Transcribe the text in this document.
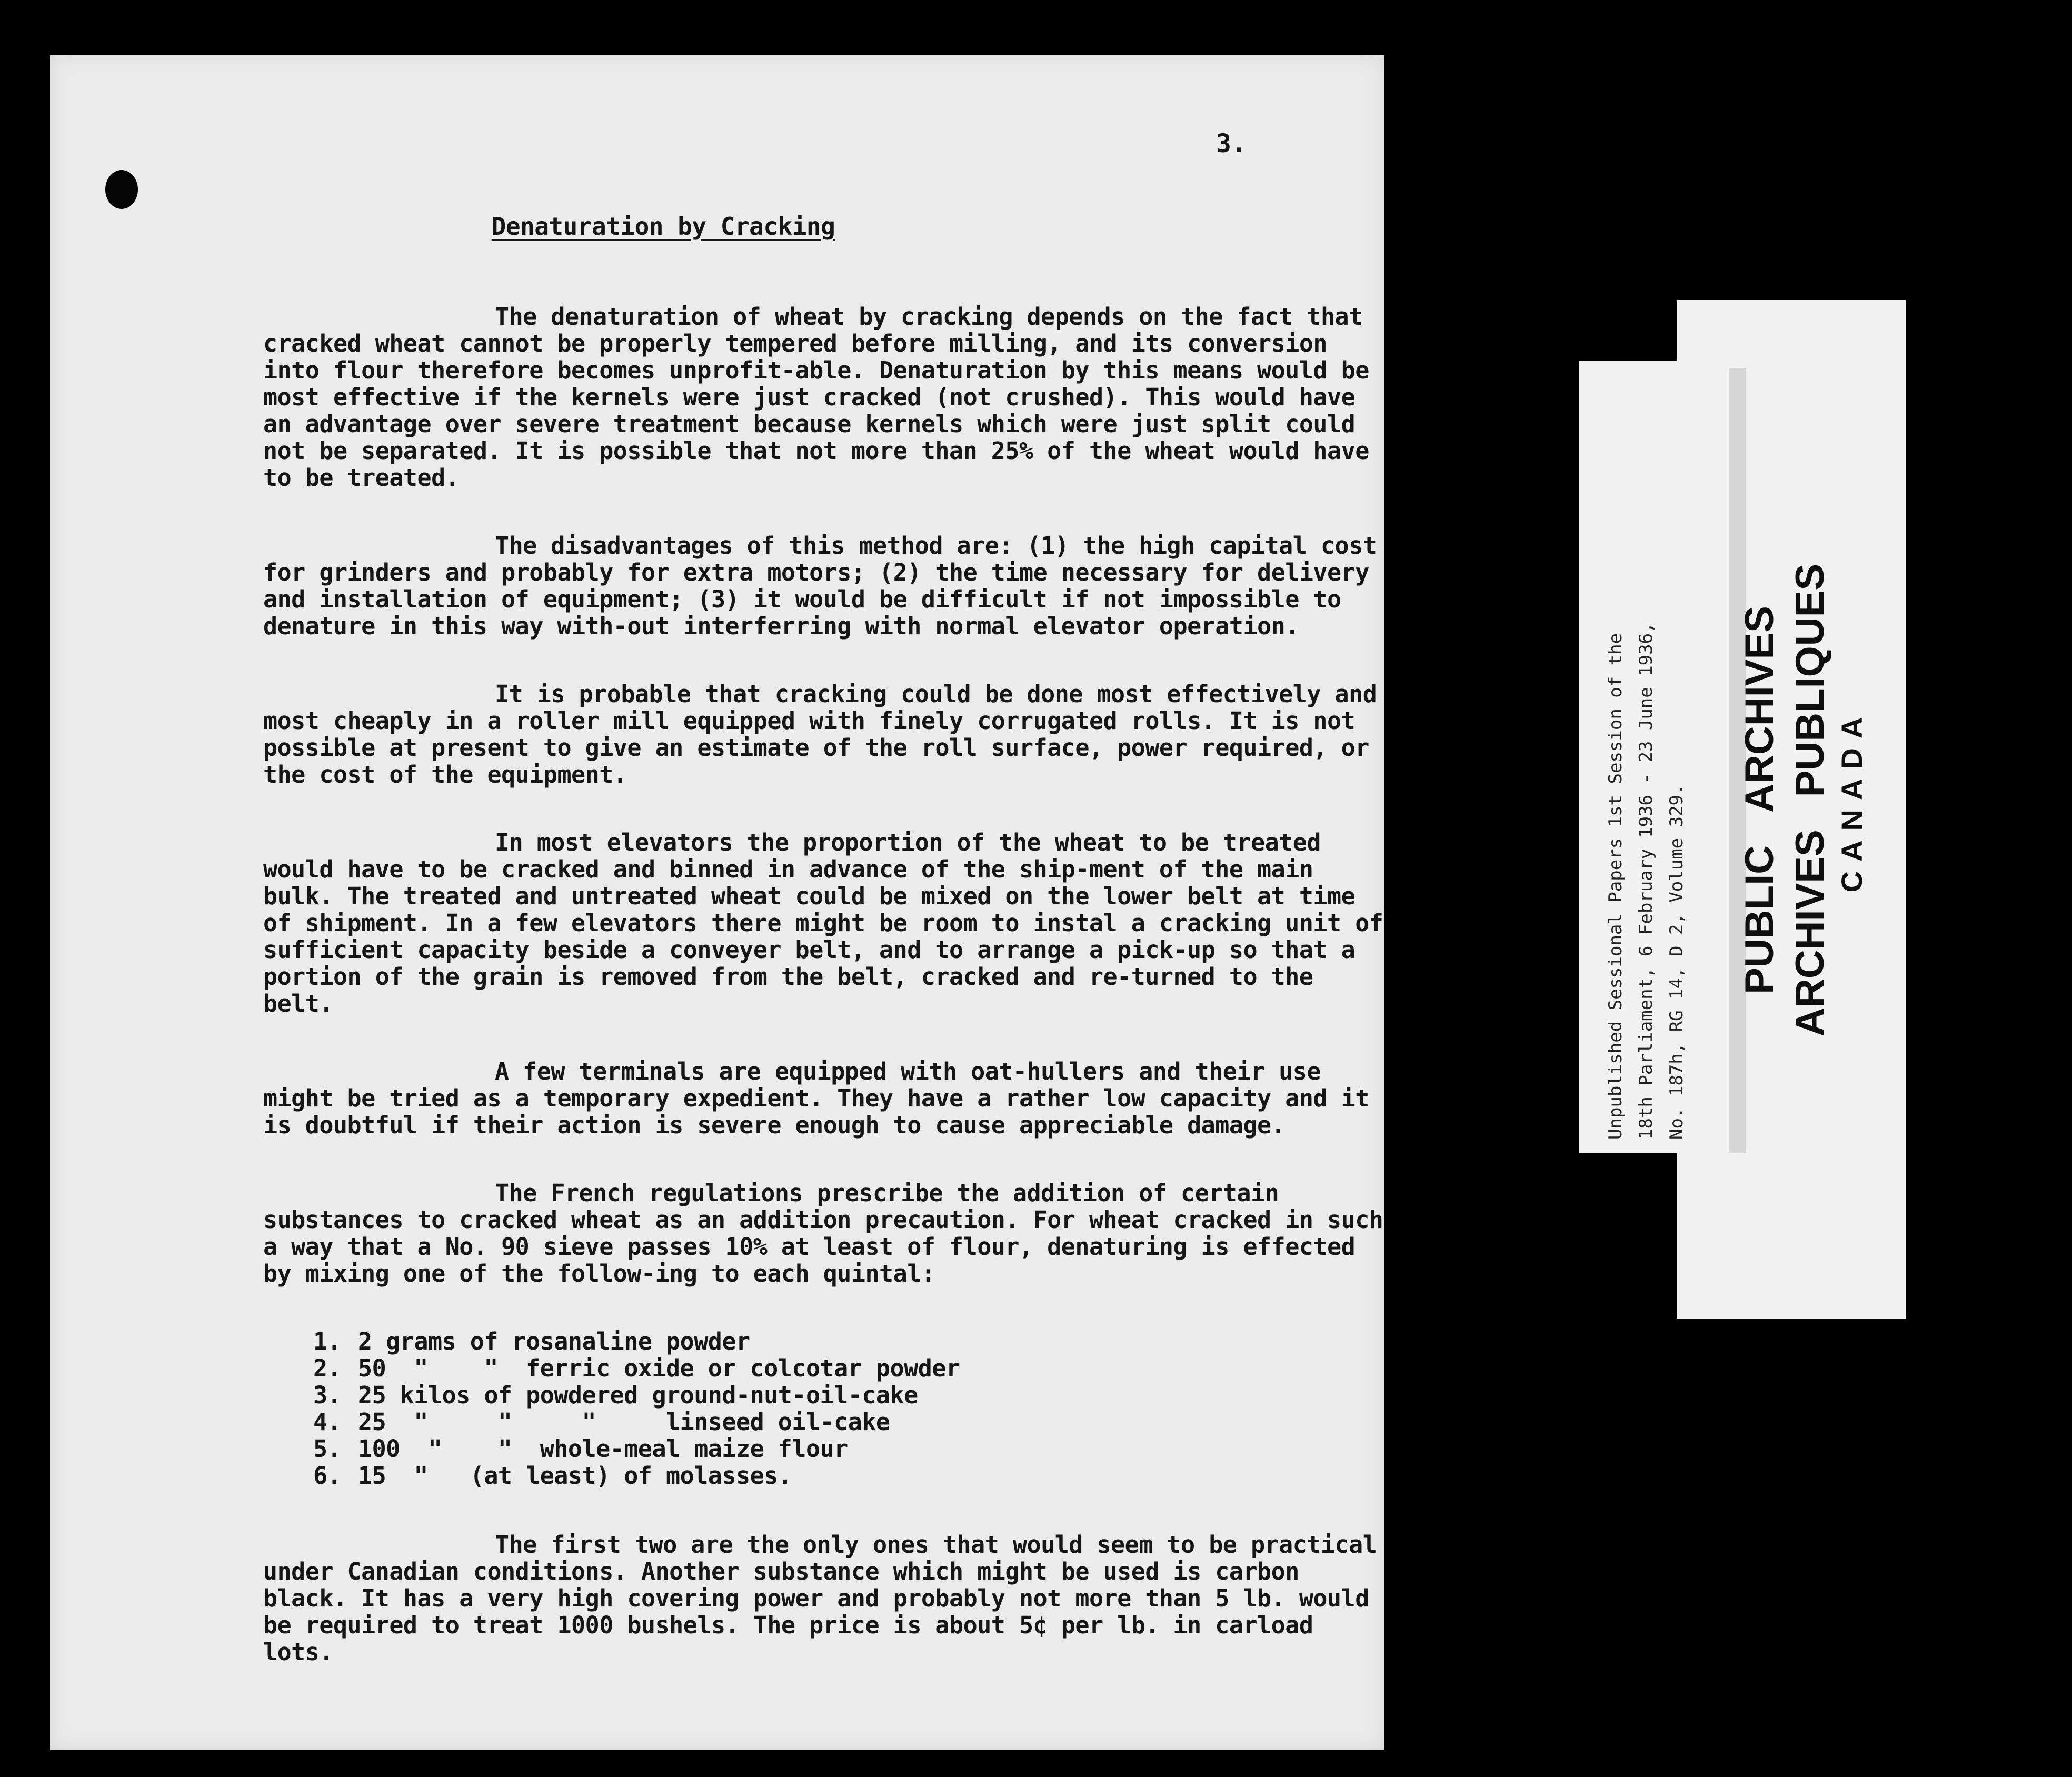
3.
Denaturation by Cracking

The denaturation of wheat by cracking depends on the fact that cracked wheat cannot be properly tempered before milling, and its conversion into flour therefore becomes unprofit-able. Denaturation by this means would be most effective if the kernels were just cracked (not crushed). This would have an advantage over severe treatment because kernels which were just split could not be separated. It is possible that not more than 25% of the wheat would have to be treated.

The disadvantages of this method are: (1) the high capital cost for grinders and probably for extra motors; (2) the time necessary for delivery and installation of equipment; (3) it would be difficult if not impossible to denature in this way with-out interferring with normal elevator operation.

It is probable that cracking could be done most effectively and most cheaply in a roller mill equipped with finely corrugated rolls. It is not possible at present to give an estimate of the roll surface, power required, or the cost of the equipment.

In most elevators the proportion of the wheat to be treated would have to be cracked and binned in advance of the ship-ment of the main bulk. The treated and untreated wheat could be mixed on the lower belt at time of shipment. In a few elevators there might be room to instal a cracking unit of sufficient capacity beside a conveyer belt, and to arrange a pick-up so that a portion of the grain is removed from the belt, cracked and re-turned to the belt.

A few terminals are equipped with oat-hullers and their use might be tried as a temporary expedient. They have a rather low capacity and it is doubtful if their action is severe enough to cause appreciable damage.

The French regulations prescribe the addition of certain substances to cracked wheat as an addition precaution. For wheat cracked in such a way that a No. 90 sieve passes 10% at least of flour, denaturing is effected by mixing one of the follow-ing to each quintal:

1. 2 grams of rosanaline powder
2. 50  "    "  ferric oxide or colcotar powder
3. 25 kilos of powdered ground-nut-oil-cake
4. 25  "     "     "     linseed oil-cake
5. 100  "    "  whole-meal maize flour
6. 15  "   (at least) of molasses.

The first two are the only ones that would seem to be practical under Canadian conditions. Another substance which might be used is carbon black. It has a very high covering power and probably not more than 5 lb. would be required to treat 1000 bushels. The price is about 5¢ per lb. in carload lots.

Unpublished Sessional Papers 1st Session of the 18th Parliament, 6 February 1936 - 23 June 1936, No. 187h, RG 14, D 2, Volume 329. PUBLICARCHIVES
ARCHIVESPUBLIQUES
CANADA
